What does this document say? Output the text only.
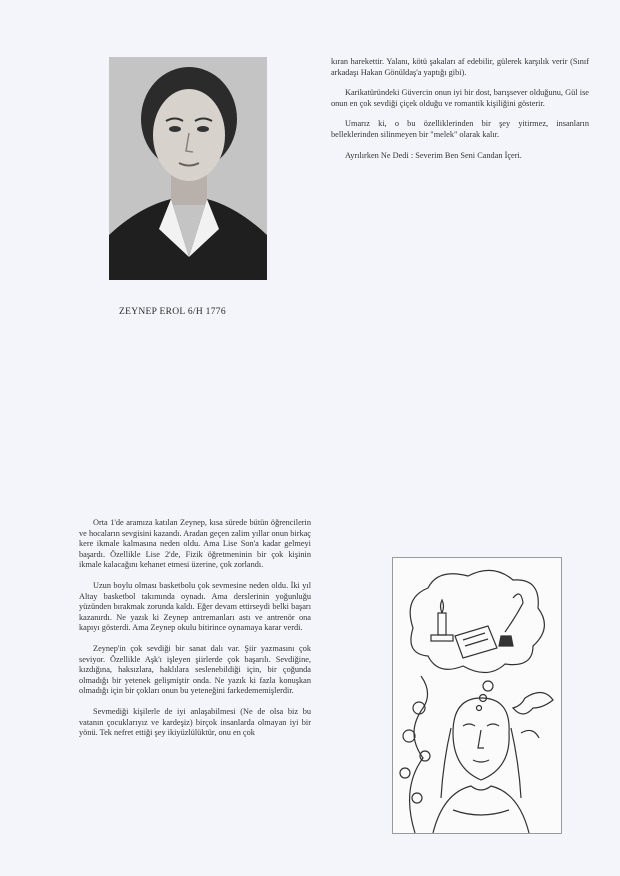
ZEYNEP EROL 6/H 1776

kıran harekettir. Yalanı, kötü şakaları af edebilir, gülerek karşılık verir (Sınıf arkadaşı Hakan Gönüldaş'a yaptığı gibi).

Karikatüründeki Güvercin onun iyi bir dost, barışsever olduğunu, Gül ise onun en çok sevdiği çiçek olduğu ve romantik kişiliğini gösterir.

Umarız ki, o bu özelliklerinden bir şey yitirmez, insanların belleklerinden silinmeyen bir "melek" olarak kalır.

Ayrılırken Ne Dedi : Severim Ben Seni Candan İçeri.

Orta 1'de aramıza katılan Zeynep, kısa sürede bütün öğrencilerin ve hocaların sevgisini kazandı. Aradan geçen zalim yıllar onun birkaç kere ikmale kalmasına neden oldu. Ama Lise Son'a kadar gelmeyi başardı. Özellikle Lise 2'de, Fizik öğretmeninin bir çok kişinin ikmale kalacağını kehanet etmesi üzerine, çok zorlandı.

Uzun boylu olması basketbolu çok sevmesine neden oldu. İki yıl Altay basketbol takımında oynadı. Ama derslerinin yoğunluğu yüzünden bırakmak zorunda kaldı. Eğer devam ettirseydi belki başarı kazanırdı. Ne yazık ki Zeynep antremanları astı ve antrenör ona kapıyı gösterdi. Ama Zeynep okulu bitirince oynamaya karar verdi.

Zeynep'in çok sevdiği bir sanat dalı var. Şiir yazmasını çok seviyor. Özellikle Aşk'ı işleyen şiirlerde çok başarılı. Sevdiğine, kızdığına, haksızlara, haklılara seslenebildiği için, bir çoğunda olmadığı bir yetenek gelişmiştir onda. Ne yazık ki fazla konuşkan olmadığı için bir çokları onun bu yeteneğini farkedememişlerdir.

Sevmediği kişilerle de iyi anlaşabilmesi (Ne de olsa biz bu vatanın çocuklarıyız ve kardeşiz) birçok insanlarda olmayan iyi bir yönü. Tek nefret ettiği şey ikiyüzlülüktür, onu en çok
